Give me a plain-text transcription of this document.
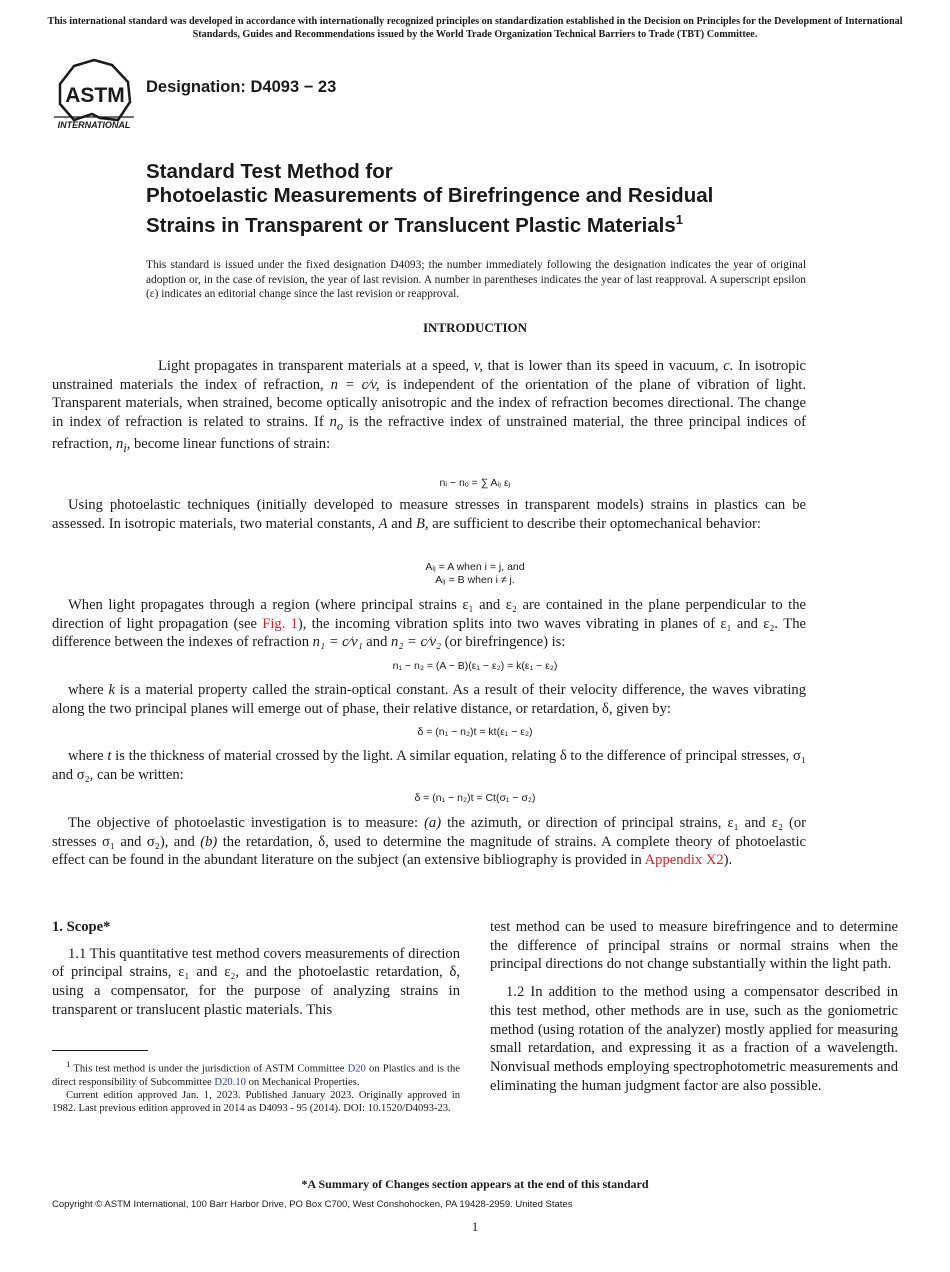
This international standard was developed in accordance with internationally recognized principles on standardization established in the Decision on Principles for the Development of International Standards, Guides and Recommendations issued by the World Trade Organization Technical Barriers to Trade (TBT) Committee.
ASTM
INTERNATIONAL
Designation: D4093 − 23
Standard Test Method for
Photoelastic Measurements of Birefringence and Residual
Strains in Transparent or Translucent Plastic Materials$^1$
This standard is issued under the fixed designation D4093; the number immediately following the designation indicates the year of original adoption or, in the case of revision, the year of last revision. A number in parentheses indicates the year of last reapproval. A superscript epsilon (ε) indicates an editorial change since the last revision or reapproval.
INTRODUCTION

Light propagates in transparent materials at a speed, v, that is lower than its speed in vacuum, c. In isotropic unstrained materials the index of refraction, n = c⁄v, is independent of the orientation of the plane of vibration of light. Transparent materials, when strained, become optically anisotropic and the index of refraction becomes directional. The change in index of refraction is related to strains. If $n_o$ is the refractive index of unstrained material, the three principal indices of refraction, $n_i$, become linear functions of strain:

nᵢ − nₒ = ∑ Aᵢⱼ εⱼ

Using photoelastic techniques (initially developed to measure stresses in transparent models) strains in plastics can be assessed. In isotropic materials, two material constants, A and B, are sufficient to describe their optomechanical behavior:

Aᵢⱼ = A when i = j, and
Aᵢⱼ = B when i ≠ j.

When light propagates through a region (where principal strains ε₁ and ε₂ are contained in the plane perpendicular to the direction of light propagation (see Fig. 1), the incoming vibration splits into two waves vibrating in planes of ε₁ and ε₂. The difference between the indexes of refraction n₁ = c⁄v₁ and n₂ = c⁄v₂ (or birefringence) is:

n₁ − n₂ = (A − B)(ε₁ − ε₂) = k(ε₁ − ε₂)

where k is a material property called the strain-optical constant. As a result of their velocity difference, the waves vibrating along the two principal planes will emerge out of phase, their relative distance, or retardation, δ, given by:

δ = (n₁ − n₂)t = kt(ε₁ − ε₂)

where t is the thickness of material crossed by the light. A similar equation, relating δ to the difference of principal stresses, σ₁ and σ₂, can be written:

δ = (n₁ − n₂)t = Ct(σ₁ − σ₂)

The objective of photoelastic investigation is to measure: (a) the azimuth, or direction of principal strains, ε₁ and ε₂ (or stresses σ₁ and σ₂), and (b) the retardation, δ, used to determine the magnitude of strains. A complete theory of photoelastic effect can be found in the abundant literature on the subject (an extensive bibliography is provided in Appendix X2).

1. Scope*

1.1 This quantitative test method covers measurements of direction of principal strains, ε₁ and ε₂, and the photoelastic retardation, δ, using a compensator, for the purpose of analyzing strains in transparent or translucent plastic materials. This

test method can be used to measure birefringence and to determine the difference of principal strains or normal strains when the principal directions do not change substantially within the light path.

1.2 In addition to the method using a compensator described in this test method, other methods are in use, such as the goniometric method (using rotation of the analyzer) mostly applied for measuring small retardation, and expressing it as a fraction of a wavelength. Nonvisual methods employing spectrophotometric measurements and eliminating the human judgment factor are also possible.

$^1$ This test method is under the jurisdiction of ASTM Committee D20 on Plastics and is the direct responsibility of Subcommittee D20.10 on Mechanical Properties.

Current edition approved Jan. 1, 2023. Published January 2023. Originally approved in 1982. Last previous edition approved in 2014 as D4093 - 95 (2014). DOI: 10.1520/D4093-23.

*A Summary of Changes section appears at the end of this standard
Copyright © ASTM International, 100 Barr Harbor Drive, PO Box C700, West Conshohocken, PA 19428-2959. United States
1
